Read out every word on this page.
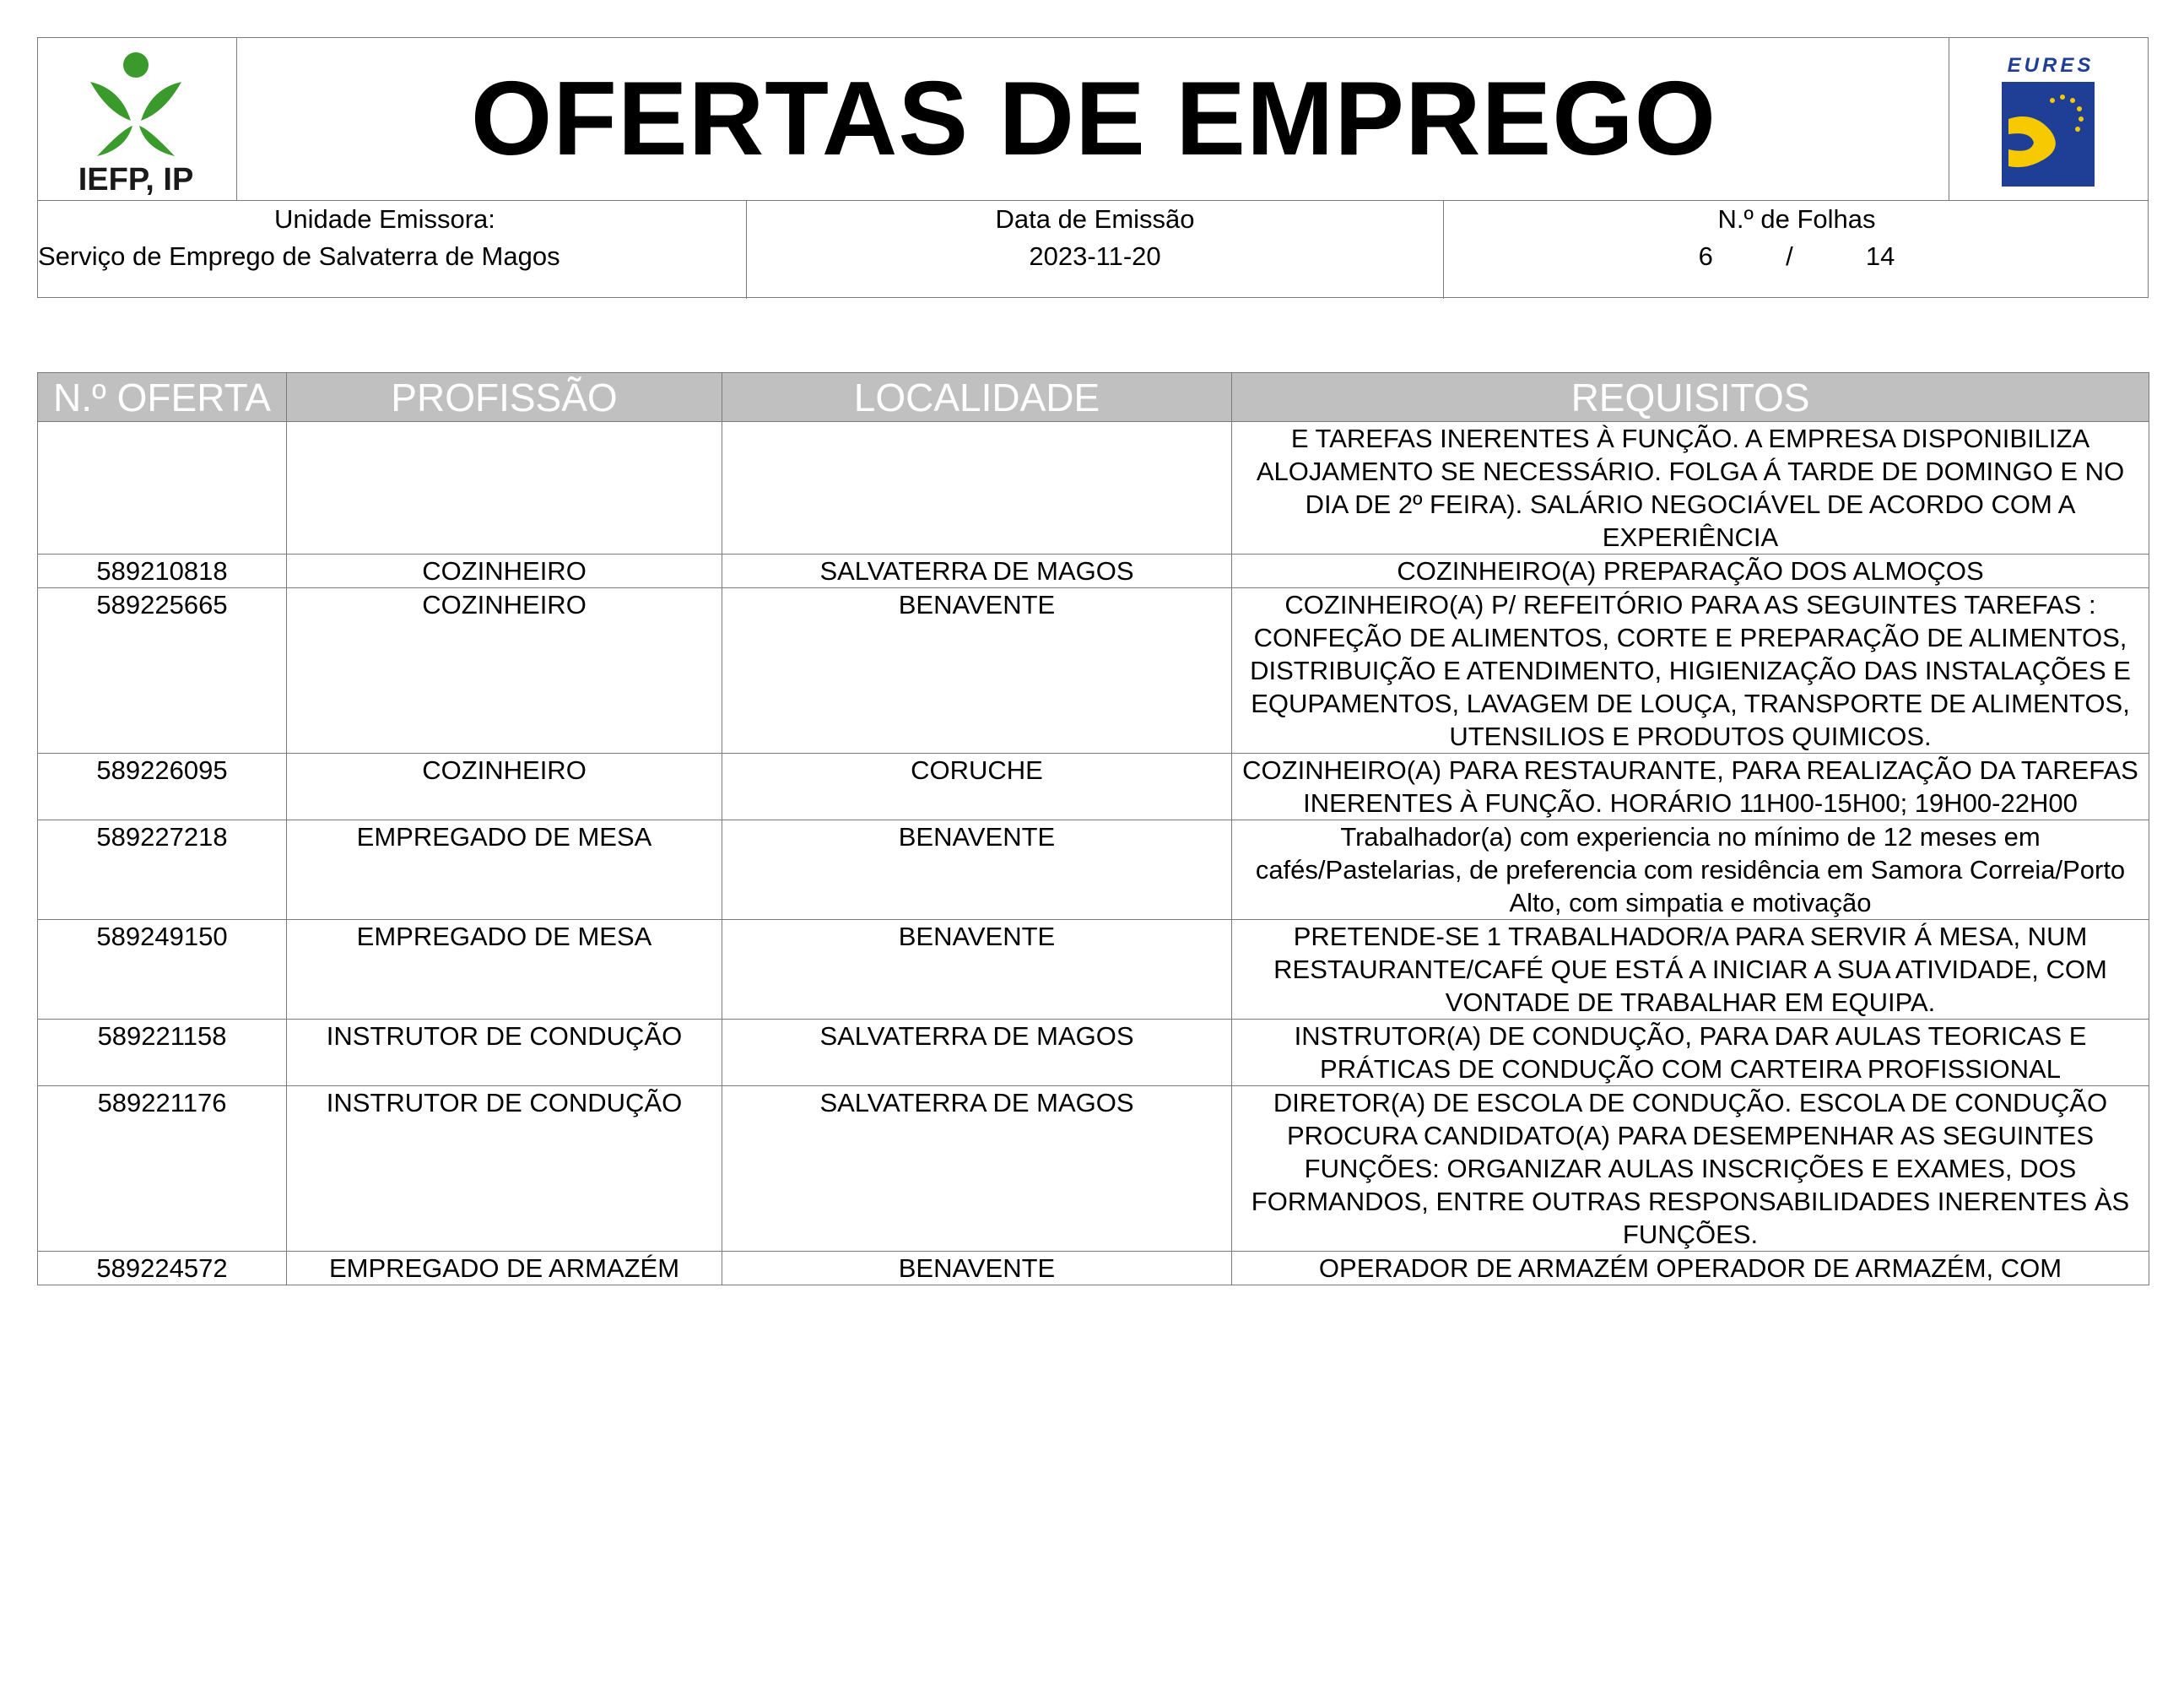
IEFP, IP
OFERTAS DE EMPREGO	EURES
Unidade Emissora:
Serviço de Emprego de Salvaterra de Magos
Data de Emissão
2023-11-20
N.º de Folhas
6	/	14
N.º OFERTA	PROFISSÃO	LOCALIDADE	REQUISITOS
			E TAREFAS INERENTES À FUNÇÃO. A EMPRESA DISPONIBILIZA ALOJAMENTO SE NECESSÁRIO. FOLGA Á TARDE DE DOMINGO E NO DIA DE 2º FEIRA). SALÁRIO NEGOCIÁVEL DE ACORDO COM A EXPERIÊNCIA
589210818	COZINHEIRO	SALVATERRA DE MAGOS	COZINHEIRO(A) PREPARAÇÃO DOS ALMOÇOS
589225665	COZINHEIRO	BENAVENTE	COZINHEIRO(A) P/ REFEITÓRIO PARA AS SEGUINTES TAREFAS : CONFEÇÃO DE ALIMENTOS, CORTE E PREPARAÇÃO DE ALIMENTOS, DISTRIBUIÇÃO E ATENDIMENTO, HIGIENIZAÇÃO DAS INSTALAÇÕES E EQUPAMENTOS, LAVAGEM DE LOUÇA, TRANSPORTE DE ALIMENTOS, UTENSILIOS E PRODUTOS QUIMICOS.
589226095	COZINHEIRO	CORUCHE	COZINHEIRO(A) PARA RESTAURANTE, PARA REALIZAÇÃO DA TAREFAS INERENTES À FUNÇÃO. HORÁRIO 11H00-15H00; 19H00-22H00
589227218	EMPREGADO DE MESA	BENAVENTE	Trabalhador(a) com experiencia no mínimo de 12 meses em cafés/Pastelarias, de preferencia com residência em Samora Correia/Porto Alto, com simpatia e motivação
589249150	EMPREGADO DE MESA	BENAVENTE	PRETENDE-SE 1 TRABALHADOR/A PARA SERVIR Á MESA, NUM RESTAURANTE/CAFÉ QUE ESTÁ A INICIAR A SUA ATIVIDADE, COM VONTADE DE TRABALHAR EM EQUIPA.
589221158	INSTRUTOR DE CONDUÇÃO	SALVATERRA DE MAGOS	INSTRUTOR(A) DE CONDUÇÃO, PARA DAR AULAS TEORICAS E PRÁTICAS DE CONDUÇÃO COM CARTEIRA PROFISSIONAL
589221176	INSTRUTOR DE CONDUÇÃO	SALVATERRA DE MAGOS	DIRETOR(A) DE ESCOLA DE CONDUÇÃO. ESCOLA DE CONDUÇÃO PROCURA CANDIDATO(A) PARA DESEMPENHAR AS SEGUINTES FUNÇÕES: ORGANIZAR AULAS INSCRIÇÕES E EXAMES, DOS FORMANDOS, ENTRE OUTRAS RESPONSABILIDADES INERENTES ÀS FUNÇÕES.
589224572	EMPREGADO DE ARMAZÉM	BENAVENTE	OPERADOR DE ARMAZÉM OPERADOR DE ARMAZÉM, COM
